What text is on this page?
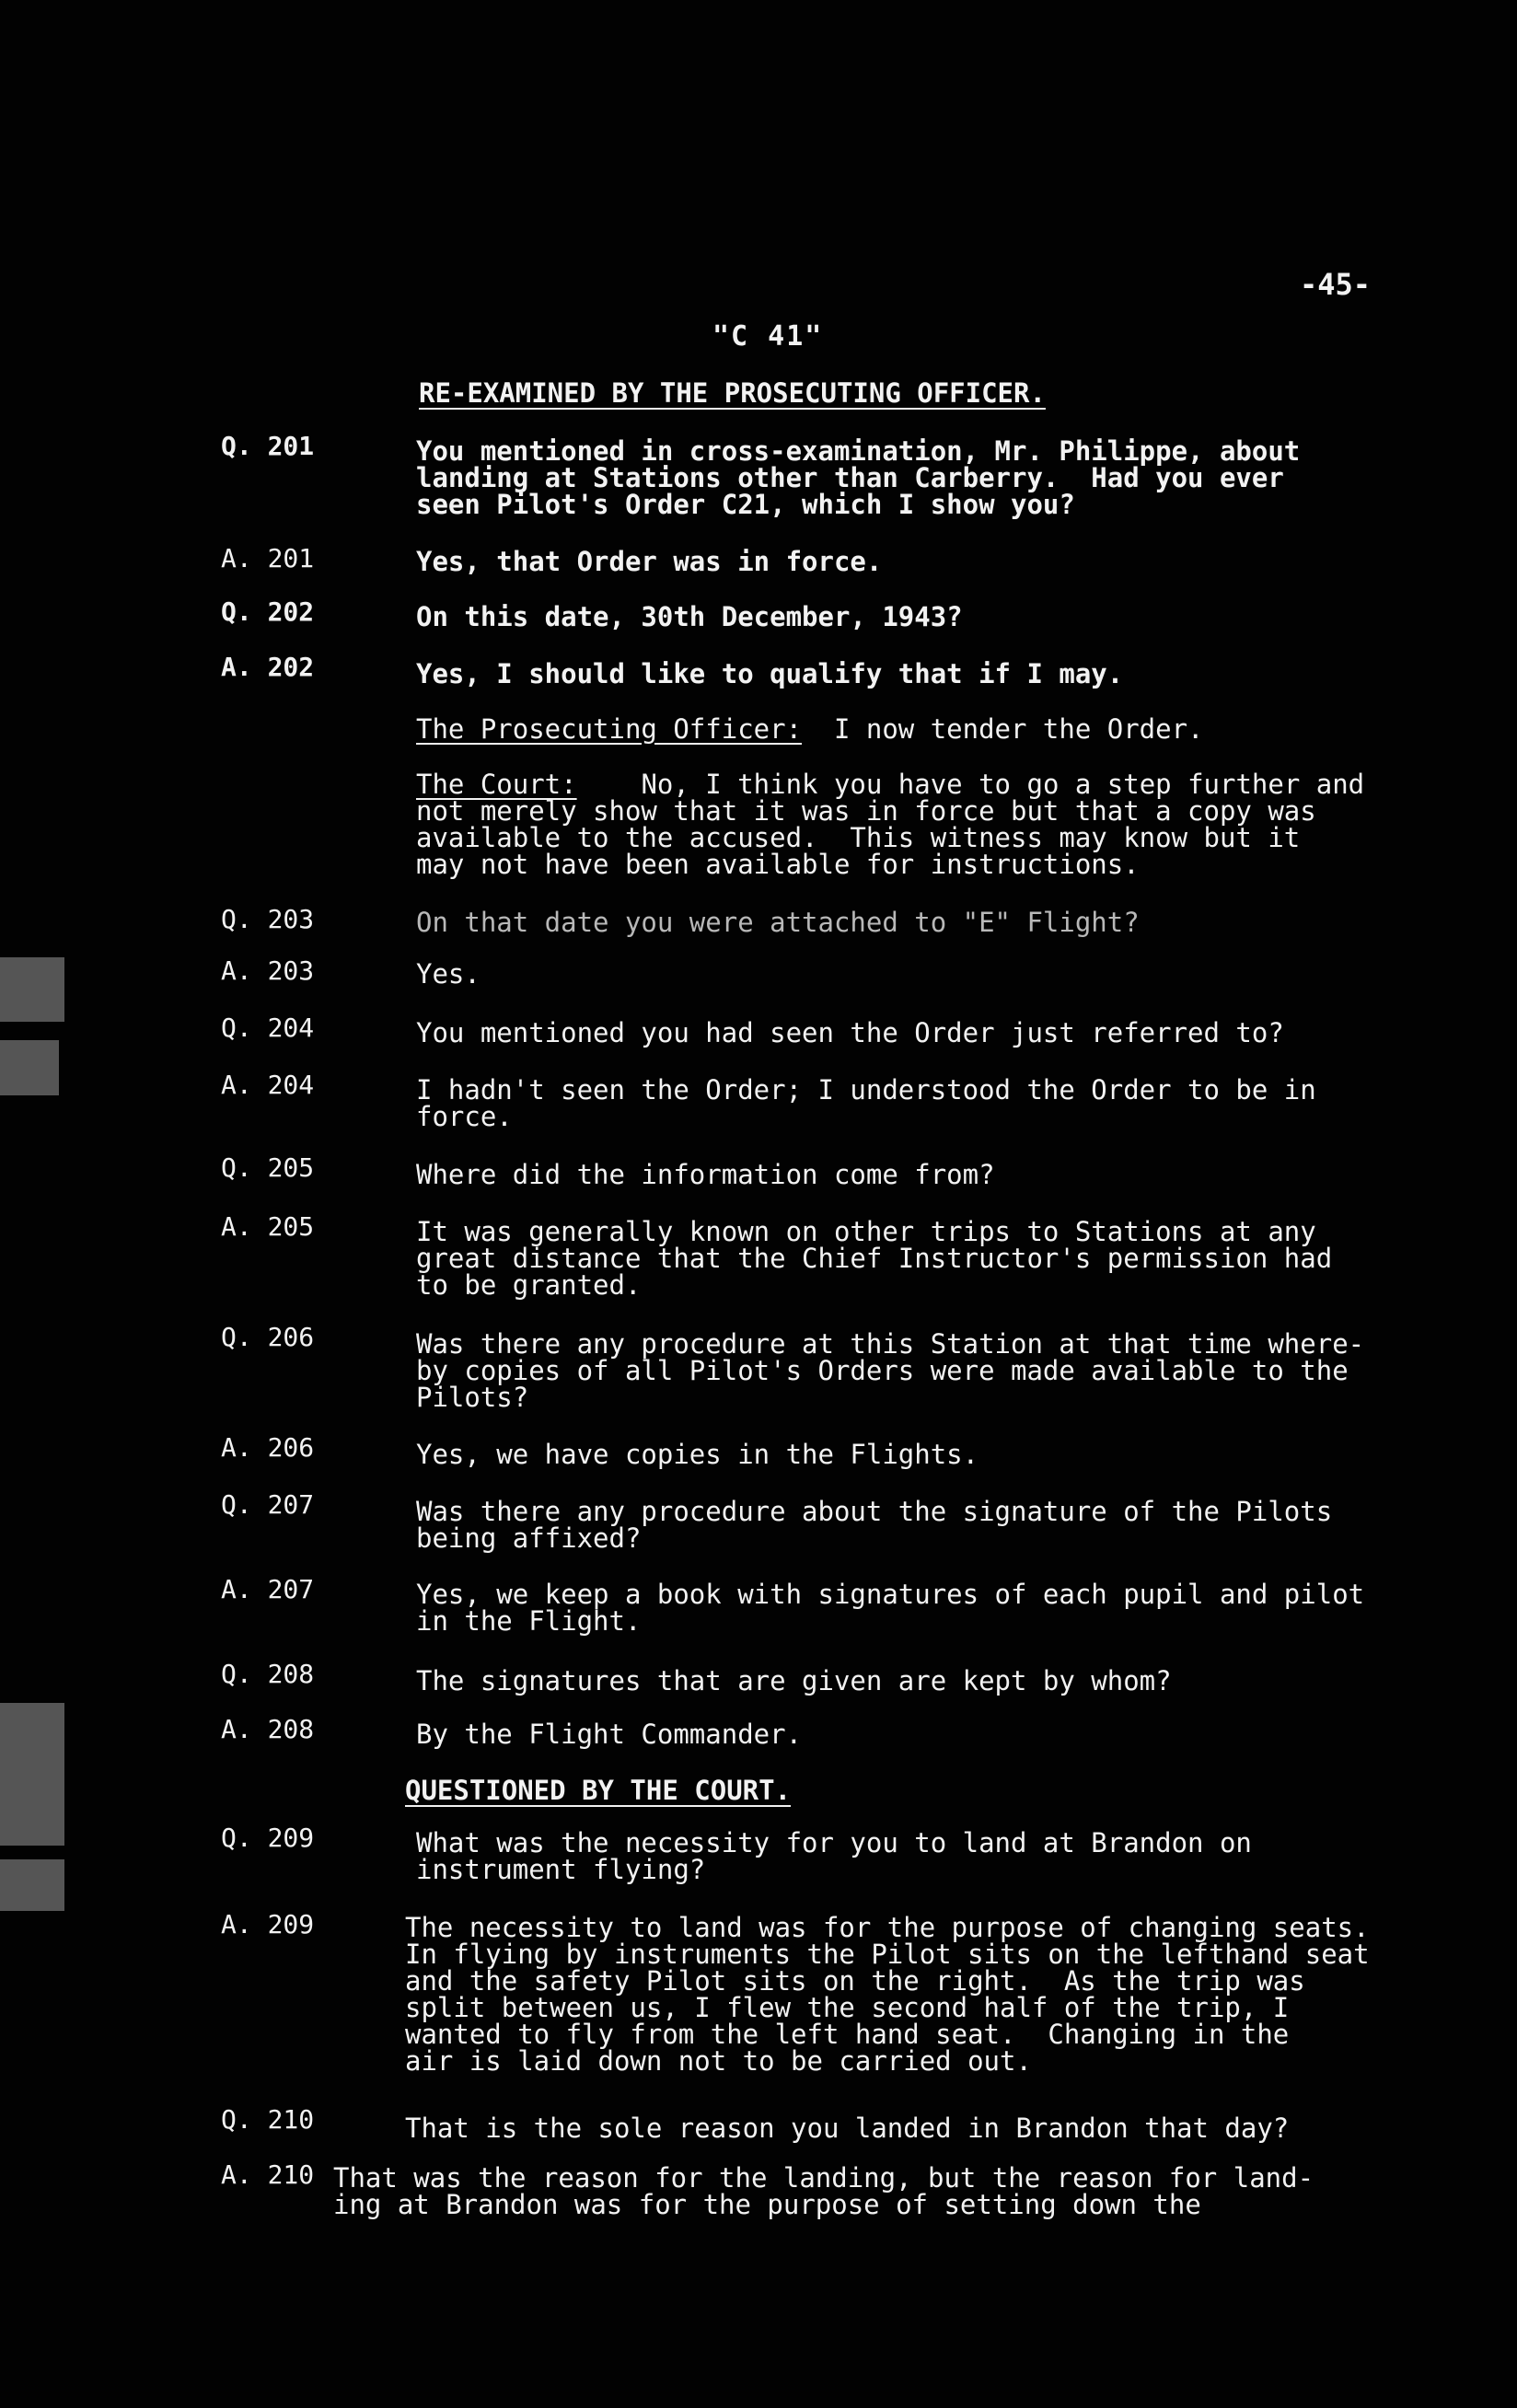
-45-
"C 41"
RE-EXAMINED BY THE PROSECUTING OFFICER.
Q. 201	You mentioned in cross-examination, Mr. Philippe, about
landing at Stations other than Carberry.  Had you ever
seen Pilot's Order C21, which I show you?
A. 201	Yes, that Order was in force.
Q. 202	On this date, 30th December, 1943?
A. 202	Yes, I should like to qualify that if I may.
The Prosecuting Officer: I now tender the Order.
The Court: No, I think you have to go a step further and
not merely show that it was in force but that a copy was
available to the accused.  This witness may know but it
may not have been available for instructions.
Q. 203	On that date you were attached to "E" Flight?
A. 203	Yes.
Q. 204	You mentioned you had seen the Order just referred to?
A. 204	I hadn't seen the Order; I understood the Order to be in
force.
Q. 205	Where did the information come from?
A. 205	It was generally known on other trips to Stations at any
great distance that the Chief Instructor's permission had
to be granted.
Q. 206	Was there any procedure at this Station at that time where-
by copies of all Pilot's Orders were made available to the
Pilots?
A. 206	Yes, we have copies in the Flights.
Q. 207	Was there any procedure about the signature of the Pilots
being affixed?
A. 207	Yes, we keep a book with signatures of each pupil and pilot
in the Flight.
Q. 208	The signatures that are given are kept by whom?
A. 208	By the Flight Commander.
QUESTIONED BY THE COURT.
Q. 209	What was the necessity for you to land at Brandon on
instrument flying?
A. 209	The necessity to land was for the purpose of changing seats.
In flying by instruments the Pilot sits on the lefthand seat
and the safety Pilot sits on the right.  As the trip was
split between us, I flew the second half of the trip, I
wanted to fly from the left hand seat.  Changing in the
air is laid down not to be carried out.
Q. 210	That is the sole reason you landed in Brandon that day?
A. 210 That was the reason for the landing, but the reason for land-
ing at Brandon was for the purpose of setting down the
